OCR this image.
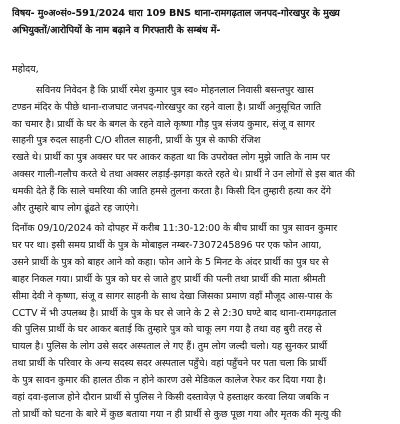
विषय- मु०अ०सं०-591/2024 धारा 109 BNS थाना-रामगढ़ताल जनपद-गोरखपुर के मुख्य
अभियुक्तों/आरोपियों के नाम बढ़ाने व गिरफ्तारी के सम्बंध में-
महोदय,
सविनय निवेदन है कि प्रार्थी रमेश कुमार पुत्र स्व० मोहनलाल निवासी बसन्तपुर खास
टण्डन मंदिर के पीछे थाना-राजघाट जनपद-गोरखपुर का रहने वाला है। प्रार्थी अनुसूचित जाति
का चमार है। प्रार्थी के घर के बगल के रहने वाले कृष्णा गौड़ पुत्र संजय कुमार, संजू व सागर
साहनी पुत्र रुदल साहनी C/O शीतल साहनी, प्रार्थी के पुत्र से काफी रंजिश
रखते थे। प्रार्थी का पुत्र अक्सर घर पर आकर कहता था कि उपरोक्त लोग मुझे जाति के नाम पर
अक्सर गाली-गलौच करते थे तथा अक्सर लड़ाई-झगड़ा करते रहते थे। प्रार्थी ने उन लोगों से इस बात की
धमकी देते हैं कि साले चमरिया की जाति हमसे तुलना करता है। किसी दिन तुम्हारी हत्या कर देंगे
और तुम्हारे बाप लोग ढूंढते रह जाएंगे।
दिनाँक 09/10/2024 को दोपहर में करीब 11:30-12:00 के बीच प्रार्थी का पुत्र सावन कुमार
घर पर था। इसी समय प्रार्थी के पुत्र के मोबाइल नम्बर-7307245896 पर एक फोन आया,
उसने प्रार्थी के पुत्र को बाहर आने को कहा। फोन आने के 5 मिनट के अंदर प्रार्थी का पुत्र घर से
बाहर निकल गया। प्रार्थी के पुत्र को घर से जाते हुए प्रार्थी की पत्नी तथा प्रार्थी की माता श्रीमती
सीमा देवी ने कृष्णा, संजू व सागर साहनी के साथ देखा जिसका प्रमाण वहाँ मौजूद आस-पास के
CCTV में भी उपलब्ध है। प्रार्थी के पुत्र के घर से जाने के 2 से 2:30 घण्टे बाद थाना-रामगढ़ताल
की पुलिस प्रार्थी के घर आकर बताई कि तुम्हारे पुत्र को चाकू लग गया है तथा वह बुरी तरह से
घायल है। पुलिस के लोग उसे सदर अस्पताल ले गए हैं। तुम लोग जल्दी चलो। यह सुनकर प्रार्थी
तथा प्रार्थी के परिवार के अन्य सदस्य सदर अस्पताल पहुँचे। वहां पहुँचने पर पता चला कि प्रार्थी
के पुत्र सावन कुमार की हालत ठीक न होने कारण उसे मेडिकल कालेज रेफर कर दिया गया है।
वहां दवा-इलाज होने दौरान प्रार्थी से पुलिस ने किसी दस्तावेज़ पे हस्ताक्षर करवा लिया जबकि न
तो प्रार्थी को घटना के बारे में कुछ बताया गया न ही प्रार्थी से कुछ पूछा गया और मृतक की मृत्यु की
